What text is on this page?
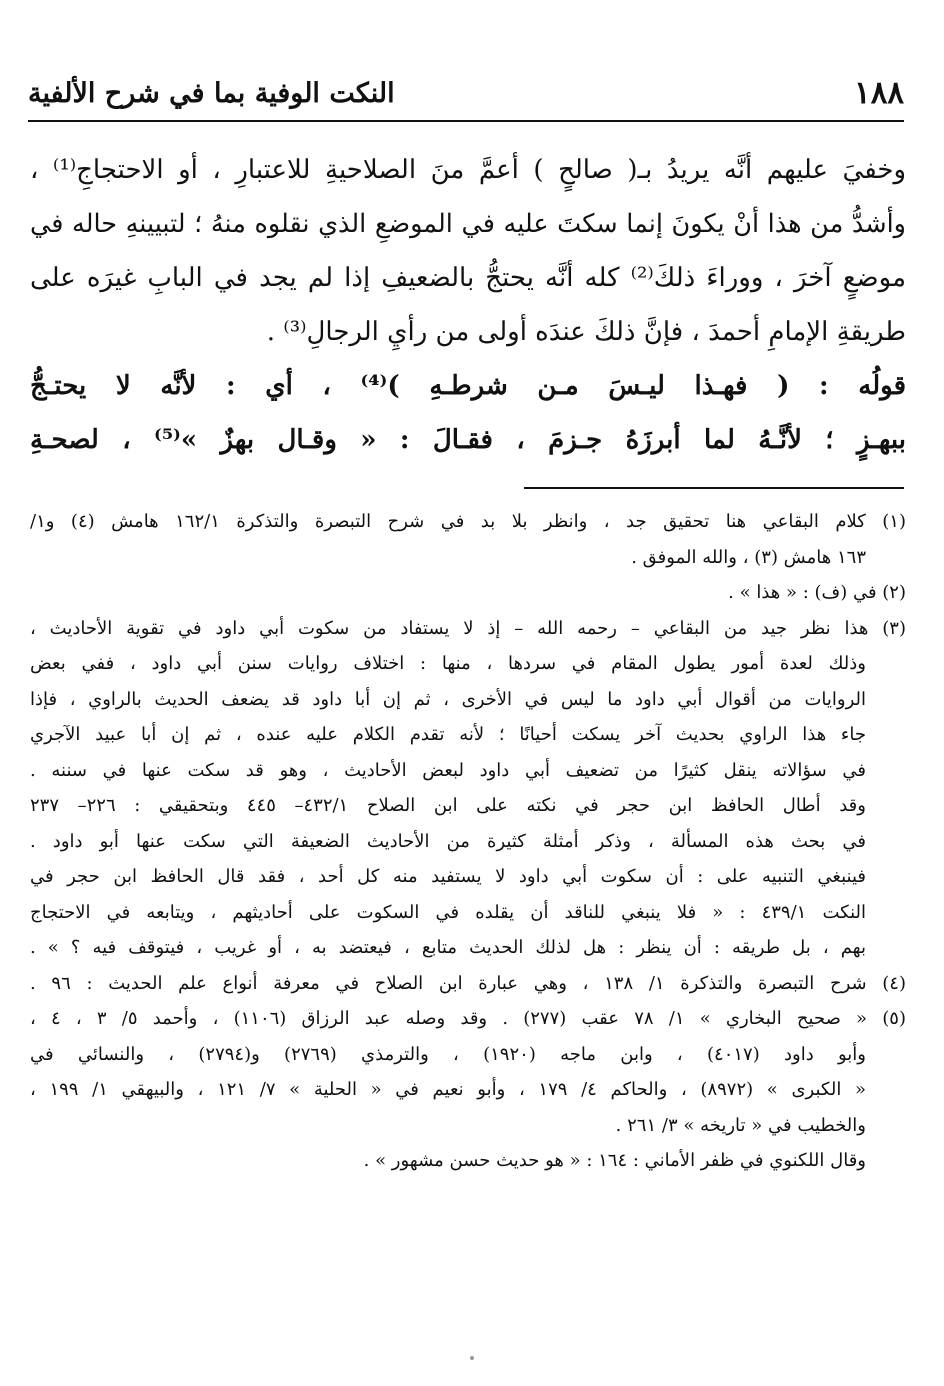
١٨٨
النكت الوفية بما في شرح الألفية
وخفيَ عليهم أنَّه يريدُ بـ( صالحٍ ) أعمَّ منَ الصلاحيةِ للاعتبارِ ، أو الاحتجاجِ⁽¹⁾ ،
وأشدُّ من هذا أنْ يكونَ إنما سكتَ عليه في الموضعِ الذي نقلوه منهُ ؛ لتبيينهِ حاله في
موضعٍ آخرَ ، ووراءَ ذلكَ⁽²⁾ كله أنَّه يحتجُّ بالضعيفِ إذا لم يجد في البابِ غيرَه على
طريقةِ الإمامِ أحمدَ ، فإنَّ ذلكَ عندَه أولى من رأيِ الرجالِ⁽³⁾ .
قولُه : ( فهـذا ليـسَ مـن شرطـهِ )⁽⁴⁾ ، أي : لأنَّه لا يحتـجُّ
ببهـزٍ ؛ لأنَّـهُ لما أبرزَهُ جـزمَ ، فقـالَ : « وقـال بهزٌ »⁽⁵⁾ ، لصحـةِ
(١) كلام البقاعي هنا تحقيق جد ، وانظر بلا بد في شرح التبصرة والتذكرة ١٦٢/١ هامش (٤) و١/
١٦٣ هامش (٣) ، والله الموفق .
(٢) في (ف) : « هذا » .
(٣) هذا نظر جيد من البقاعي – رحمه الله – إذ لا يستفاد من سكوت أبي داود في تقوية الأحاديث ،
وذلك لعدة أمور يطول المقام في سردها ، منها : اختلاف روايات سنن أبي داود ، ففي بعض
الروايات من أقوال أبي داود ما ليس في الأخرى ، ثم إن أبا داود قد يضعف الحديث بالراوي ، فإذا
جاء هذا الراوي بحديث آخر يسكت أحيانًا ؛ لأنه تقدم الكلام عليه عنده ، ثم إن أبا عبيد الآجري
في سؤالاته ينقل كثيرًا من تضعيف أبي داود لبعض الأحاديث ، وهو قد سكت عنها في سننه .
وقد أطال الحافظ ابن حجر في نكته على ابن الصلاح ٤٣٢/١– ٤٤٥ وبتحقيقي : ٢٢٦– ٢٣٧
في بحث هذه المسألة ، وذكر أمثلة كثيرة من الأحاديث الضعيفة التي سكت عنها أبو داود .
فينبغي التنبيه على : أن سكوت أبي داود لا يستفيد منه كل أحد ، فقد قال الحافظ ابن حجر في
النكت ٤٣٩/١ : « فلا ينبغي للناقد أن يقلده في السكوت على أحاديثهم ، ويتابعه في الاحتجاج
بهم ، بل طريقه : أن ينظر : هل لذلك الحديث متابع ، فيعتضد به ، أو غريب ، فيتوقف فيه ؟ » .
(٤) شرح التبصرة والتذكرة ١/ ١٣٨ ، وهي عبارة ابن الصلاح في معرفة أنواع علم الحديث : ٩٦ .
(٥) « صحيح البخاري » ١/ ٧٨ عقب (٢٧٧) . وقد وصله عبد الرزاق (١١٠٦) ، وأحمد ٥/ ٣ ، ٤ ،
وأبو داود (٤٠١٧) ، وابن ماجه (١٩٢٠) ، والترمذي (٢٧٦٩) و(٢٧٩٤) ، والنسائي في
« الكبرى » (٨٩٧٢) ، والحاكم ٤/ ١٧٩ ، وأبو نعيم في « الحلية » ٧/ ١٢١ ، والبيهقي ١/ ١٩٩ ،
والخطيب في « تاريخه » ٣/ ٢٦١ .
وقال اللكنوي في ظفر الأماني : ١٦٤ : « هو حديث حسن مشهور » .
